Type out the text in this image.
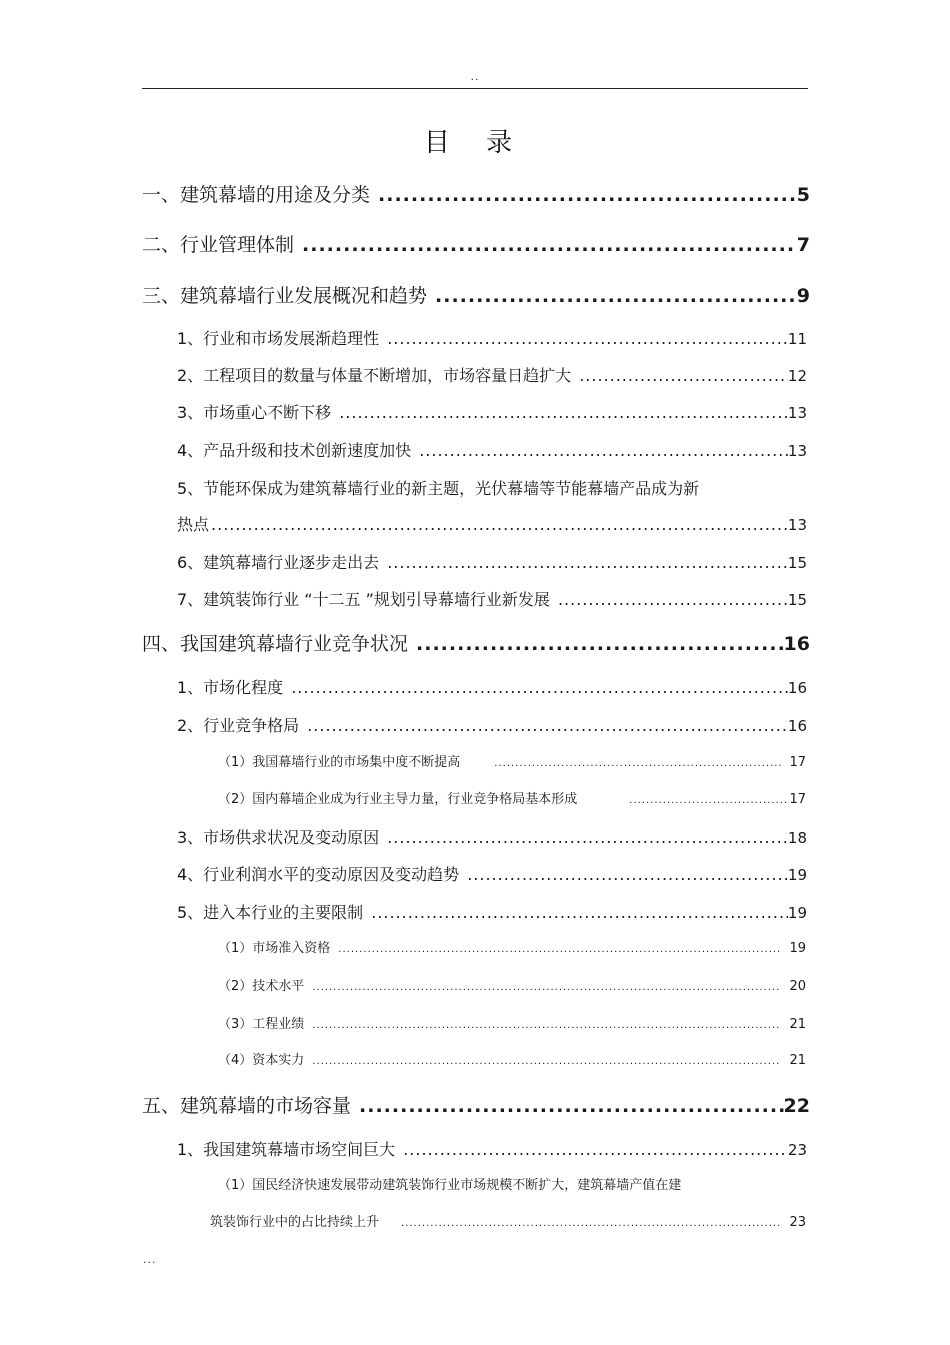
..
目 录
一、建筑幕墙的用途及分类 .....	5
二、行业管理体制 .....	7
三、建筑幕墙行业发展概况和趋势 .....	9
1、行业和市场发展渐趋理性 .....	11
2、工程项目的数量与体量不断增加，市场容量日趋扩大 .....	12
3、市场重心不断下移 .....	13
4、产品升级和技术创新速度加快 .....	13
5、节能环保成为建筑幕墙行业的新主题，光伏幕墙等节能幕墙产品成为新
热点 .....	13
6、建筑幕墙行业逐步走出去 .....	15
7、建筑装饰行业 “十二五 ”规划引导幕墙行业新发展 .....	15
四、我国建筑幕墙行业竞争状况 .....	16
1、市场化程度 .....	16
2、行业竞争格局 .....	16
（1）我国幕墙行业的市场集中度不断提高 .....	17
（2）国内幕墙企业成为行业主导力量，行业竞争格局基本形成 .....	17
3、市场供求状况及变动原因 .....	18
4、行业利润水平的变动原因及变动趋势 .....	19
5、进入本行业的主要限制 .....	19
（1）市场准入资格 .....	19
（2）技术水平 .....	20
（3）工程业绩 .....	21
（4）资本实力 .....	21
五、建筑幕墙的市场容量 .....	22
1、我国建筑幕墙市场空间巨大 .....	23
（1）国民经济快速发展带动建筑装饰行业市场规模不断扩大，建筑幕墙产值在建
筑装饰行业中的占比持续上升 .....	23
...
